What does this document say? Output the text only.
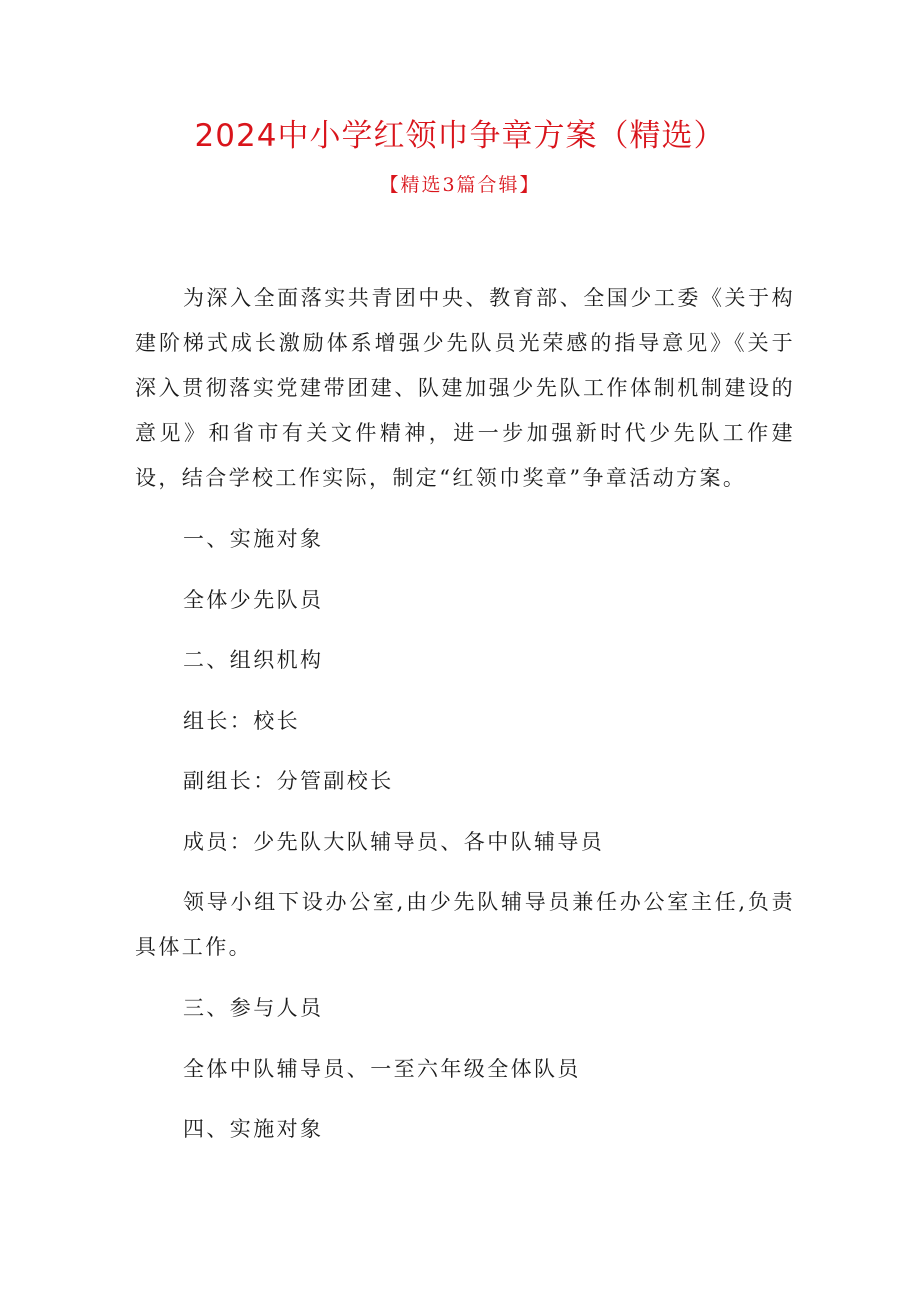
2024中小学红领巾争章方案（精选）

【精选3篇合辑】

为深入全面落实共青团中央、教育部、全国少工委《关于构建阶梯式成长激励体系增强少先队员光荣感的指导意见》《关于深入贯彻落实党建带团建、队建加强少先队工作体制机制建设的意见》和省市有关文件精神，进一步加强新时代少先队工作建设，结合学校工作实际，制定“红领巾奖章”争章活动方案。

一、实施对象

全体少先队员

二、组织机构

组长：校长

副组长：分管副校长

成员：少先队大队辅导员、各中队辅导员

领导小组下设办公室,由少先队辅导员兼任办公室主任,负责具体工作。

三、参与人员

全体中队辅导员、一至六年级全体队员

四、实施对象
